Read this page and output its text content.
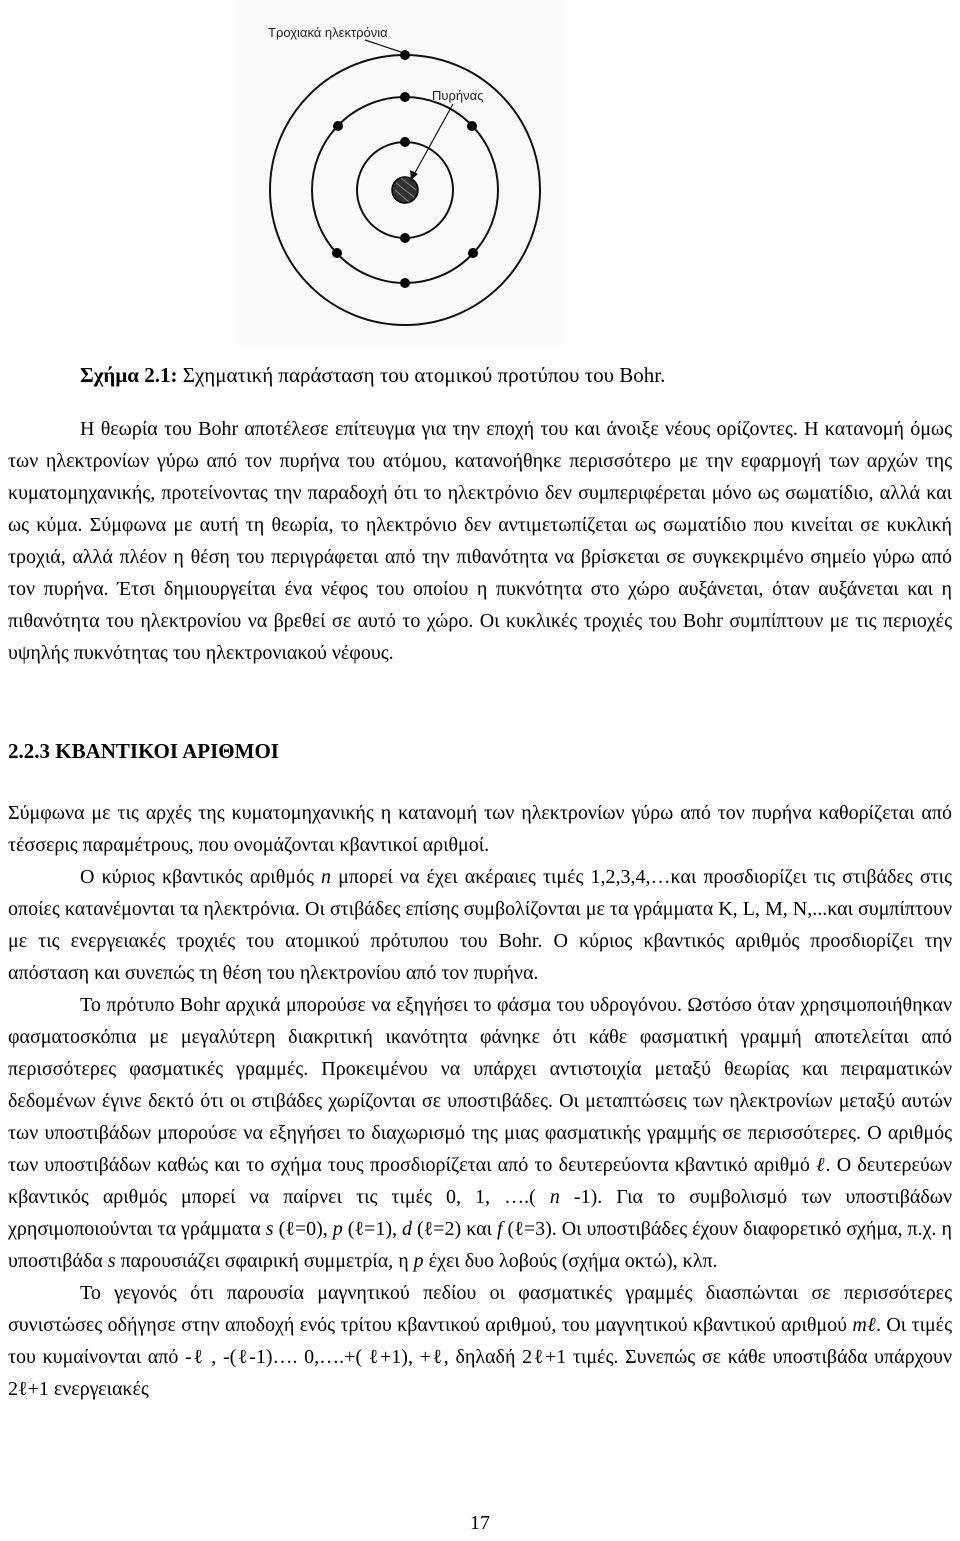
Τροχιακά ηλεκτρόνια
Πυρήνας
Σχήμα 2.1: Σχηματική παράσταση του ατομικού προτύπου του Bohr.

Η θεωρία του Bohr αποτέλεσε επίτευγμα για την εποχή του και άνοιξε νέους ορίζοντες. Η κατανομή όμως των ηλεκτρονίων γύρω από τον πυρήνα του ατόμου, κατανοήθηκε περισσότερο με την εφαρμογή των αρχών της κυματομηχανικής, προτείνοντας την παραδοχή ότι το ηλεκτρόνιο δεν συμπεριφέρεται μόνο ως σωματίδιο, αλλά και ως κύμα. Σύμφωνα με αυτή τη θεωρία, το ηλεκτρόνιο δεν αντιμετωπίζεται ως σωματίδιο που κινείται σε κυκλική τροχιά, αλλά πλέον η θέση του περιγράφεται από την πιθανότητα να βρίσκεται σε συγκεκριμένο σημείο γύρω από τον πυρήνα. Έτσι δημιουργείται ένα νέφος του οποίου η πυκνότητα στο χώρο αυξάνεται, όταν αυξάνεται και η πιθανότητα του ηλεκτρονίου να βρεθεί σε αυτό το χώρο. Οι κυκλικές τροχιές του Bohr συμπίπτουν με τις περιοχές υψηλής πυκνότητας του ηλεκτρονιακού νέφους.

2.2.3 ΚΒΑΝΤΙΚΟΙ ΑΡΙΘΜΟΙ

Σύμφωνα με τις αρχές της κυματομηχανικής η κατανομή των ηλεκτρονίων γύρω από τον πυρήνα καθορίζεται από τέσσερις παραμέτρους, που ονομάζονται κβαντικοί αριθμοί.

Ο κύριος κβαντικός αριθμός n μπορεί να έχει ακέραιες τιμές 1,2,3,4,…και προσδιορίζει τις στιβάδες στις οποίες κατανέμονται τα ηλεκτρόνια. Οι στιβάδες επίσης συμβολίζονται με τα γράμματα K, L, M, N,...και συμπίπτουν με τις ενεργειακές τροχιές του ατομικού πρότυπου του Bohr. Ο κύριος κβαντικός αριθμός προσδιορίζει την απόσταση και συνεπώς τη θέση του ηλεκτρονίου από τον πυρήνα.

Το πρότυπο Bohr αρχικά μπορούσε να εξηγήσει το φάσμα του υδρογόνου. Ωστόσο όταν χρησιμοποιήθηκαν φασματοσκόπια με μεγαλύτερη διακριτική ικανότητα φάνηκε ότι κάθε φασματική γραμμή αποτελείται από περισσότερες φασματικές γραμμές. Προκειμένου να υπάρχει αντιστοιχία μεταξύ θεωρίας και πειραματικών δεδομένων έγινε δεκτό ότι οι στιβάδες χωρίζονται σε υποστιβάδες. Οι μεταπτώσεις των ηλεκτρονίων μεταξύ αυτών των υποστιβάδων μπορούσε να εξηγήσει το διαχωρισμό της μιας φασματικής γραμμής σε περισσότερες. Ο αριθμός των υποστιβάδων καθώς και το σχήμα τους προσδιορίζεται από το δευτερεύοντα κβαντικό αριθμό ℓ. Ο δευτερεύων κβαντικός αριθμός μπορεί να παίρνει τις τιμές 0, 1, ….( n -1). Για το συμβολισμό των υποστιβάδων χρησιμοποιούνται τα γράμματα s (ℓ=0), p (ℓ=1), d (ℓ=2) και f (ℓ=3). Οι υποστιβάδες έχουν διαφορετικό σχήμα, π.χ. η υποστιβάδα s παρουσιάζει σφαιρική συμμετρία, η p έχει δυο λοβούς (σχήμα οκτώ), κλπ.

Το γεγονός ότι παρουσία μαγνητικού πεδίου οι φασματικές γραμμές διασπώνται σε περισσότερες συνιστώσες οδήγησε στην αποδοχή ενός τρίτου κβαντικού αριθμού, του μαγνητικού κβαντικού αριθμού mℓ. Οι τιμές του κυμαίνονται από -ℓ , -(ℓ-1)…. 0,….+( ℓ+1), +ℓ, δηλαδή 2ℓ+1 τιμές. Συνεπώς σε κάθε υποστιβάδα υπάρχουν 2ℓ+1 ενεργειακές

17
